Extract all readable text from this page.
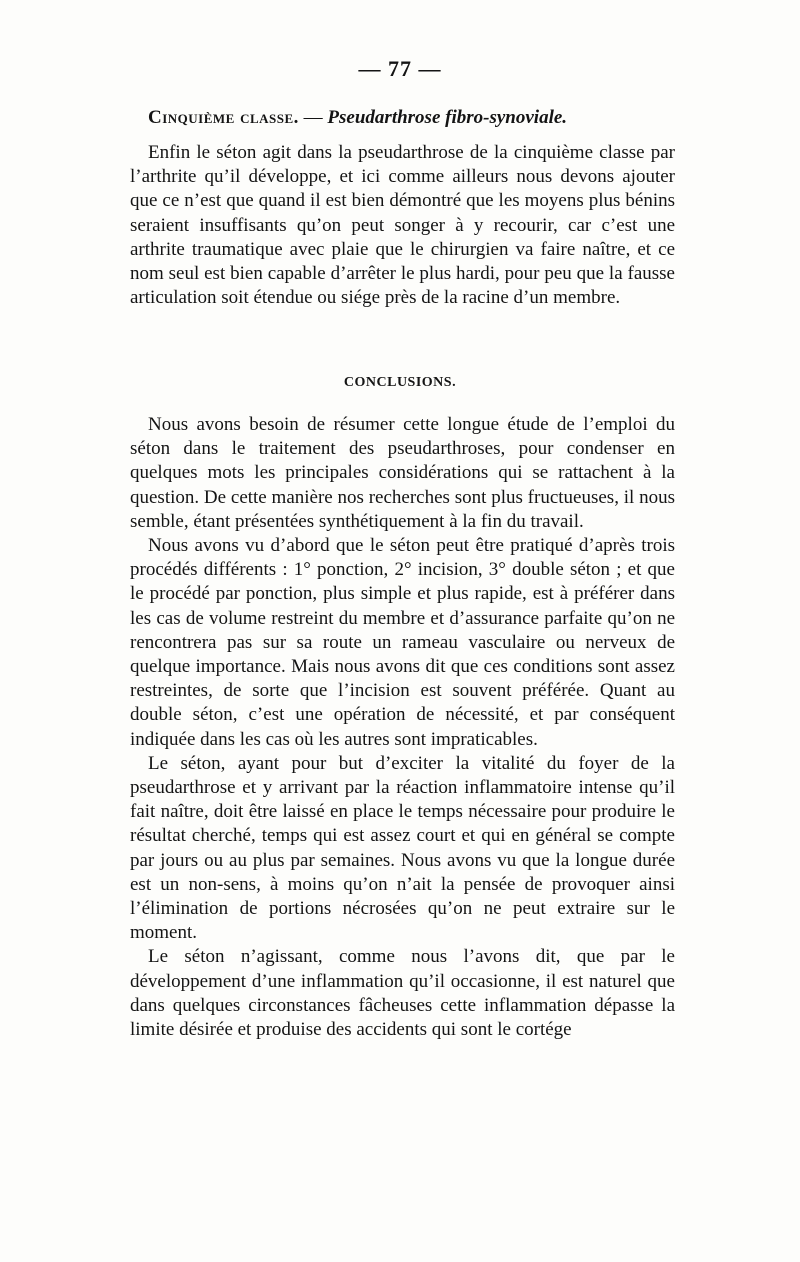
— 77 —
Cinquième classe. — Pseudarthrose fibro-synoviale.

Enfin le séton agit dans la pseudarthrose de la cinquième classe par l’arthrite qu’il développe, et ici comme ailleurs nous devons ajouter que ce n’est que quand il est bien démontré que les moyens plus bénins seraient insuffisants qu’on peut songer à y recourir, car c’est une arthrite traumatique avec plaie que le chirurgien va faire naître, et ce nom seul est bien capable d’arrêter le plus hardi, pour peu que la fausse articulation soit étendue ou siége près de la racine d’un membre.

CONCLUSIONS.

Nous avons besoin de résumer cette longue étude de l’emploi du séton dans le traitement des pseudarthroses, pour condenser en quelques mots les principales considérations qui se rattachent à la question. De cette manière nos recherches sont plus fructueuses, il nous semble, étant présentées synthétiquement à la fin du travail.

Nous avons vu d’abord que le séton peut être pratiqué d’après trois procédés différents : 1° ponction, 2° incision, 3° double séton ; et que le procédé par ponction, plus simple et plus rapide, est à préférer dans les cas de volume restreint du membre et d’assurance parfaite qu’on ne rencontrera pas sur sa route un rameau vasculaire ou nerveux de quelque importance. Mais nous avons dit que ces conditions sont assez restreintes, de sorte que l’incision est souvent préférée. Quant au double séton, c’est une opération de nécessité, et par conséquent indiquée dans les cas où les autres sont impraticables.

Le séton, ayant pour but d’exciter la vitalité du foyer de la pseudarthrose et y arrivant par la réaction inflammatoire intense qu’il fait naître, doit être laissé en place le temps nécessaire pour produire le résultat cherché, temps qui est assez court et qui en général se compte par jours ou au plus par semaines. Nous avons vu que la longue durée est un non-sens, à moins qu’on n’ait la pensée de provoquer ainsi l’élimination de portions nécrosées qu’on ne peut extraire sur le moment.

Le séton n’agissant, comme nous l’avons dit, que par le développement d’une inflammation qu’il occasionne, il est naturel que dans quelques circonstances fâcheuses cette inflammation dépasse la limite désirée et produise des accidents qui sont le cortége
